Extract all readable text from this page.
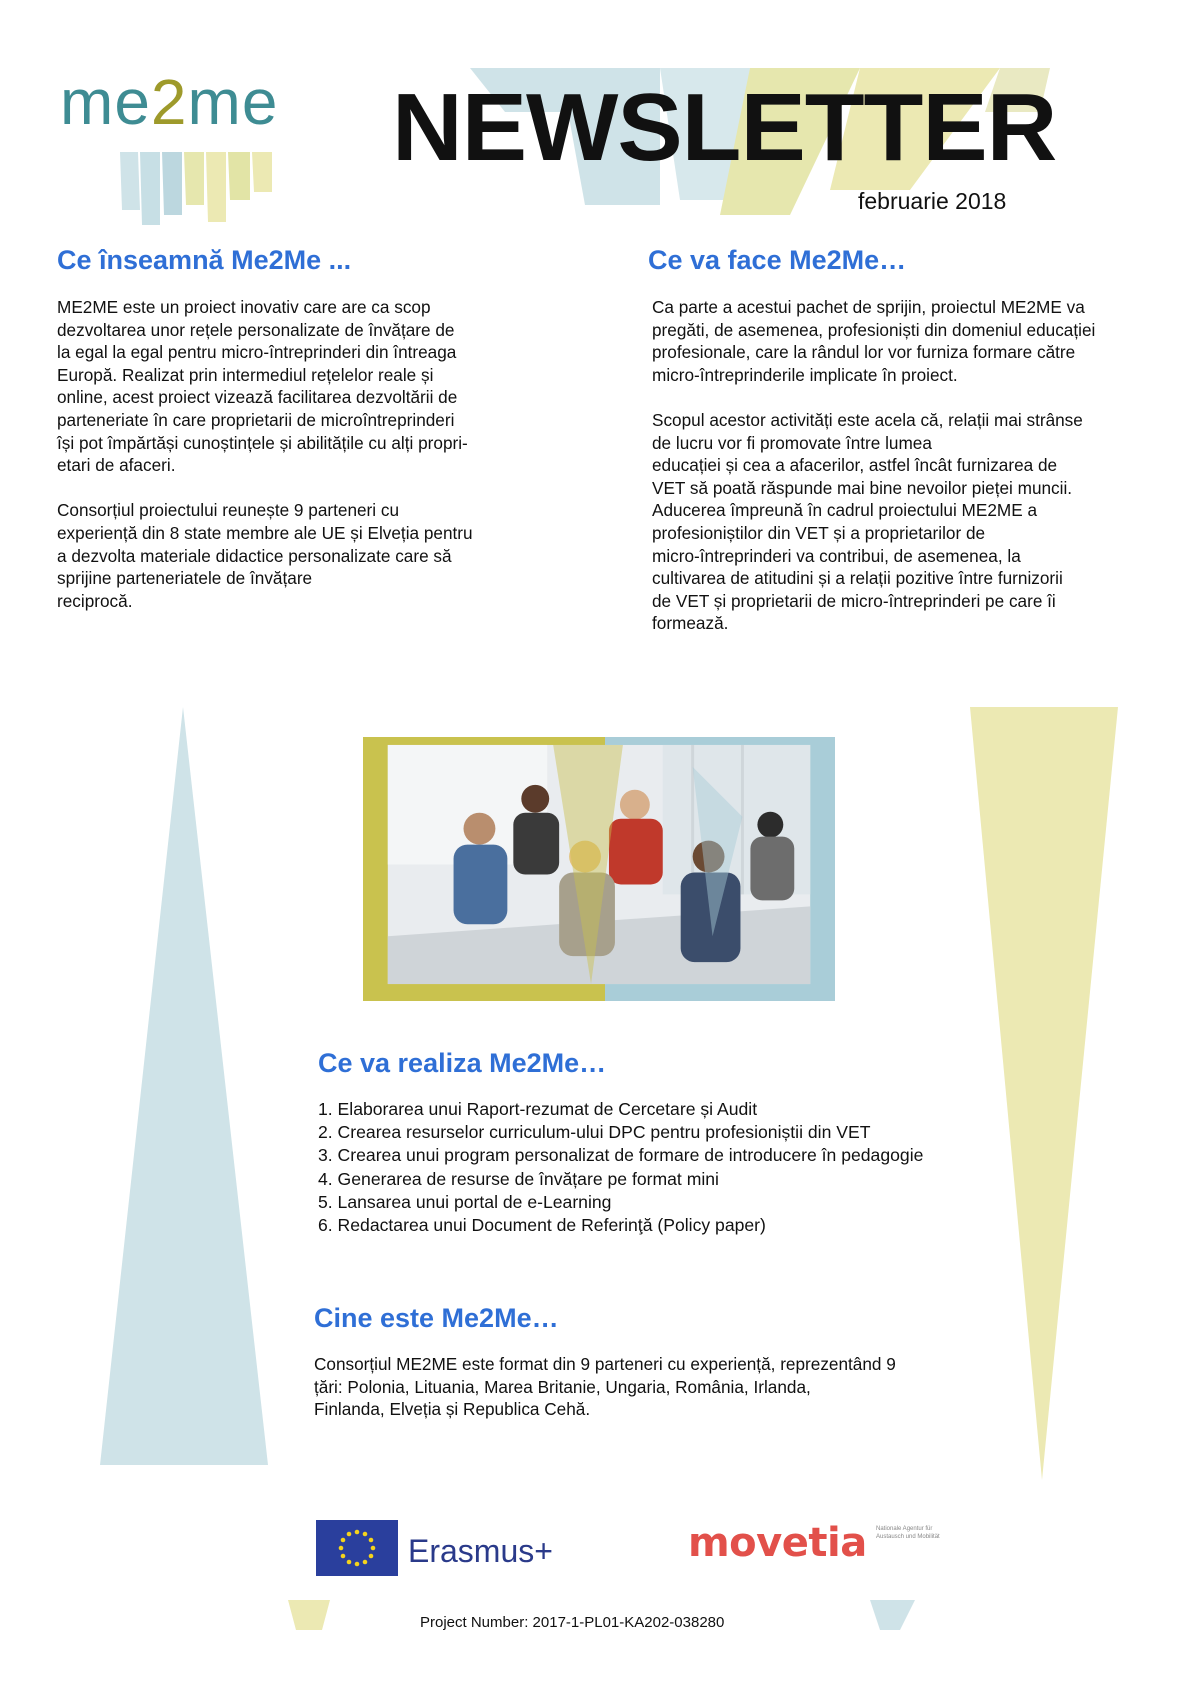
me2me NEWSLETTER
februarie 2018
Ce înseamnă Me2Me ...
ME2ME este un proiect inovativ care are ca scop
dezvoltarea unor rețele personalizate de învățare de
la egal la egal pentru micro-întreprinderi din întreaga
Europă. Realizat prin intermediul rețelelor reale și
online, acest proiect vizează facilitarea dezvoltării de
parteneriate în care proprietarii de microîntreprinderi
își pot împărtăși cunoștințele și abilitățile cu alți propri-
etari de afaceri.
Consorțiul proiectului reunește 9 parteneri cu
experiență din 8 state membre ale UE și Elveția pentru
a dezvolta materiale didactice personalizate care să
sprijine parteneriatele de învățare
reciprocă.
Ce va face Me2Me…
Ca parte a acestui pachet de sprijin, proiectul ME2ME va
pregăti, de asemenea, profesioniști din domeniul educației
profesionale, care la rândul lor vor furniza formare către
micro-întreprinderile implicate în proiect.
Scopul acestor activități este acela că, relații mai strânse
de lucru vor fi promovate între lumea
educației și cea a afacerilor, astfel încât furnizarea de
VET să poată răspunde mai bine nevoilor pieței muncii.
Aducerea împreună în cadrul proiectului ME2ME a
profesioniștilor din VET și a proprietarilor de
micro-întreprinderi va contribui, de asemenea, la
cultivarea de atitudini și a relații pozitive între furnizorii
de VET și proprietarii de micro-întreprinderi pe care îi
formează.
Ce va realiza Me2Me…
1. Elaborarea unui Raport-rezumat de Cercetare și Audit
2. Crearea resurselor curriculum-ului DPC pentru profesioniștii din VET
3. Crearea unui program personalizat de formare de introducere în pedagogie
4. Generarea de resurse de învățare pe format mini
5. Lansarea unui portal de e-Learning
6. Redactarea unui Document de Referinţă (Policy paper)
Cine este Me2Me…
Consorțiul ME2ME este format din 9 parteneri cu experiență, reprezentând 9
țări: Polonia, Lituania, Marea Britanie, Ungaria, România, Irlanda,
Finlanda, Elveția și Republica Cehă.
Erasmus+	movetia Nationale Agentur für Austausch und Mobilität
Project Number: 2017-1-PL01-KA202-038280
